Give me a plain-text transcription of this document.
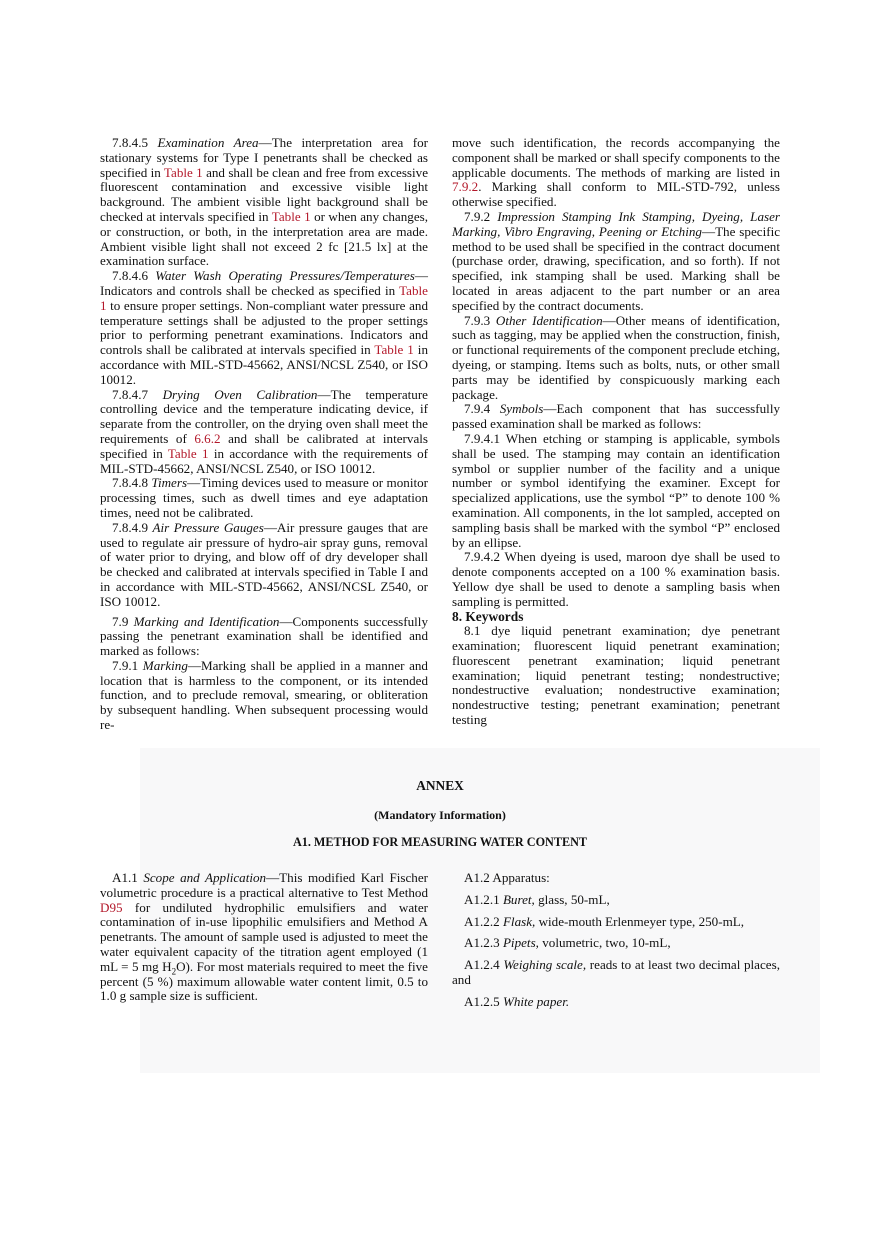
7.8.4.5 Examination Area—The interpretation area for stationary systems for Type I penetrants shall be checked as specified in Table 1 and shall be clean and free from excessive fluorescent contamination and excessive visible light background. The ambient visible light background shall be checked at intervals specified in Table 1 or when any changes, or construction, or both, in the interpretation area are made. Ambient visible light shall not exceed 2 fc [21.5 lx] at the examination surface.

7.8.4.6 Water Wash Operating Pressures/Temperatures—Indicators and controls shall be checked as specified in Table 1 to ensure proper settings. Non-compliant water pressure and temperature settings shall be adjusted to the proper settings prior to performing penetrant examinations. Indicators and controls shall be calibrated at intervals specified in Table 1 in accordance with MIL-STD-45662, ANSI/NCSL Z540, or ISO 10012.

7.8.4.7 Drying Oven Calibration—The temperature controlling device and the temperature indicating device, if separate from the controller, on the drying oven shall meet the requirements of 6.6.2 and shall be calibrated at intervals specified in Table 1 in accordance with the requirements of MIL-STD-45662, ANSI/NCSL Z540, or ISO 10012.

7.8.4.8 Timers—Timing devices used to measure or monitor processing times, such as dwell times and eye adaptation times, need not be calibrated.

7.8.4.9 Air Pressure Gauges—Air pressure gauges that are used to regulate air pressure of hydro-air spray guns, removal of water prior to drying, and blow off of dry developer shall be checked and calibrated at intervals specified in Table I and in accordance with MIL-STD-45662, ANSI/NCSL Z540, or ISO 10012.

7.9 Marking and Identification—Components successfully passing the penetrant examination shall be identified and marked as follows:

7.9.1 Marking—Marking shall be applied in a manner and location that is harmless to the component, or its intended function, and to preclude removal, smearing, or obliteration by subsequent handling. When subsequent processing would re-

move such identification, the records accompanying the component shall be marked or shall specify components to the applicable documents. The methods of marking are listed in 7.9.2. Marking shall conform to MIL-STD-792, unless otherwise specified.

7.9.2 Impression Stamping Ink Stamping, Dyeing, Laser Marking, Vibro Engraving, Peening or Etching—The specific method to be used shall be specified in the contract document (purchase order, drawing, specification, and so forth). If not specified, ink stamping shall be used. Marking shall be located in areas adjacent to the part number or an area specified by the contract documents.

7.9.3 Other Identification—Other means of identification, such as tagging, may be applied when the construction, finish, or functional requirements of the component preclude etching, dyeing, or stamping. Items such as bolts, nuts, or other small parts may be identified by conspicuously marking each package.

7.9.4 Symbols—Each component that has successfully passed examination shall be marked as follows:

7.9.4.1 When etching or stamping is applicable, symbols shall be used. The stamping may contain an identification symbol or supplier number of the facility and a unique number or symbol identifying the examiner. Except for specialized applications, use the symbol “P” to denote 100 % examination. All components, in the lot sampled, accepted on sampling basis shall be marked with the symbol “P” enclosed by an ellipse.

7.9.4.2 When dyeing is used, maroon dye shall be used to denote components accepted on a 100 % examination basis. Yellow dye shall be used to denote a sampling basis when sampling is permitted.

8. Keywords

8.1 dye liquid penetrant examination; dye penetrant examination; fluorescent liquid penetrant examination; fluorescent penetrant examination; liquid penetrant examination; liquid penetrant testing; nondestructive; nondestructive evaluation; nondestructive examination; nondestructive testing; penetrant examination; penetrant testing

ANNEX
(Mandatory Information)
A1. METHOD FOR MEASURING WATER CONTENT

A1.1 Scope and Application—This modified Karl Fischer volumetric procedure is a practical alternative to Test Method D95 for undiluted hydrophilic emulsifiers and water contamination of in-use lipophilic emulsifiers and Method A penetrants. The amount of sample used is adjusted to meet the water equivalent capacity of the titration agent employed (1 mL = 5 mg $H_2O$). For most materials required to meet the five percent (5 %) maximum allowable water content limit, 0.5 to 1.0 g sample size is sufficient.

A1.2 Apparatus:

A1.2.1 Buret, glass, 50-mL,

A1.2.2 Flask, wide-mouth Erlenmeyer type, 250-mL,

A1.2.3 Pipets, volumetric, two, 10-mL,

A1.2.4 Weighing scale, reads to at least two decimal places, and

A1.2.5 White paper.
